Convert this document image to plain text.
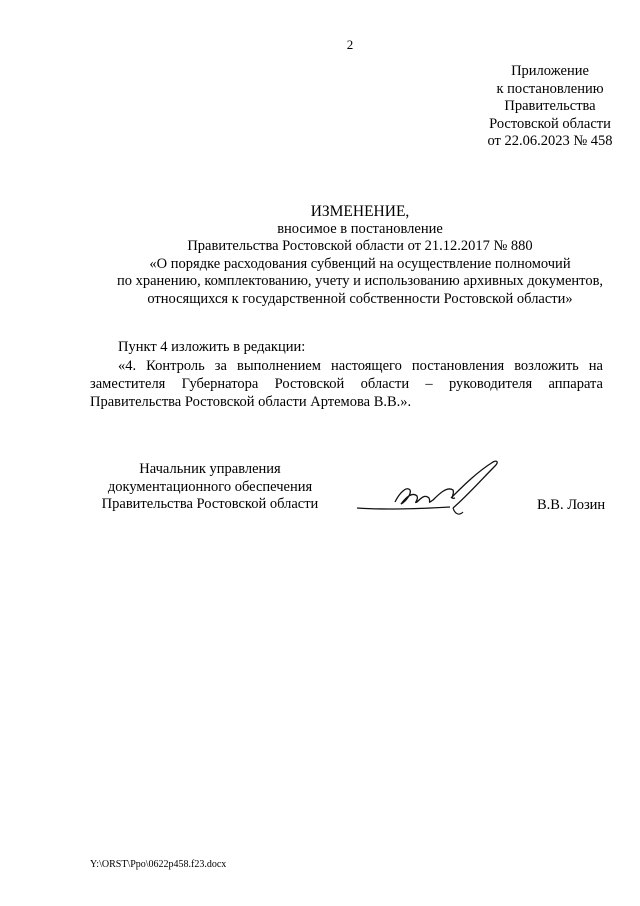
2
Приложение
к постановлению
Правительства
Ростовской области
от 22.06.2023 № 458
ИЗМЕНЕНИЕ,
вносимое в постановление
Правительства Ростовской области от 21.12.2017 № 880
«О порядке расходования субвенций на осуществление полномочий
по хранению, комплектованию, учету и использованию архивных документов,
относящихся к государственной собственности Ростовской области»
Пункт 4 изложить в редакции:
«4. Контроль за выполнением настоящего постановления возложить на заместителя Губернатора Ростовской области – руководителя аппарата Правительства Ростовской области Артемова В.В.».
Начальник управления
документационного обеспечения
Правительства Ростовской области	В.В. Лозин
Y:\ORST\Ppo\0622p458.f23.docx
